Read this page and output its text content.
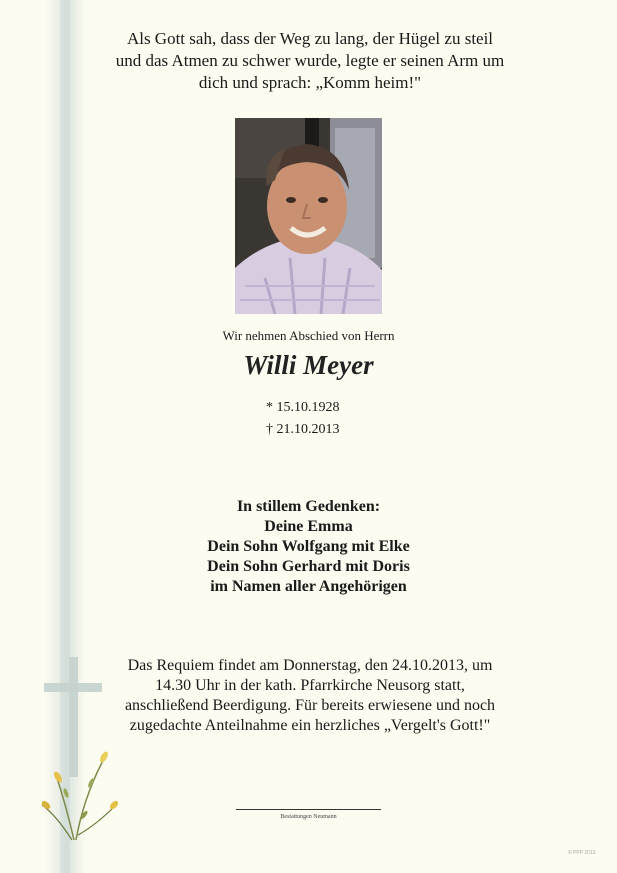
Als Gott sah, dass der Weg zu lang, der Hügel zu steil
und das Atmen zu schwer wurde, legte er seinen Arm um
dich und sprach: „Komm heim!"
Wir nehmen Abschied von Herrn
Willi Meyer
* 15.10.1928
† 21.10.2013
In stillem Gedenken:
Deine Emma
Dein Sohn Wolfgang mit Elke
Dein Sohn Gerhard mit Doris
im Namen aller Angehörigen
Das Requiem findet am Donnerstag, den 24.10.2013, um
14.30 Uhr in der kath. Pfarrkirche Neusorg statt,
anschließend Beerdigung. Für bereits erwiesene und noch
zugedachte Anteilnahme ein herzliches „Vergelt's Gott!"
Bestattungen Neumann
© PPP 2013
